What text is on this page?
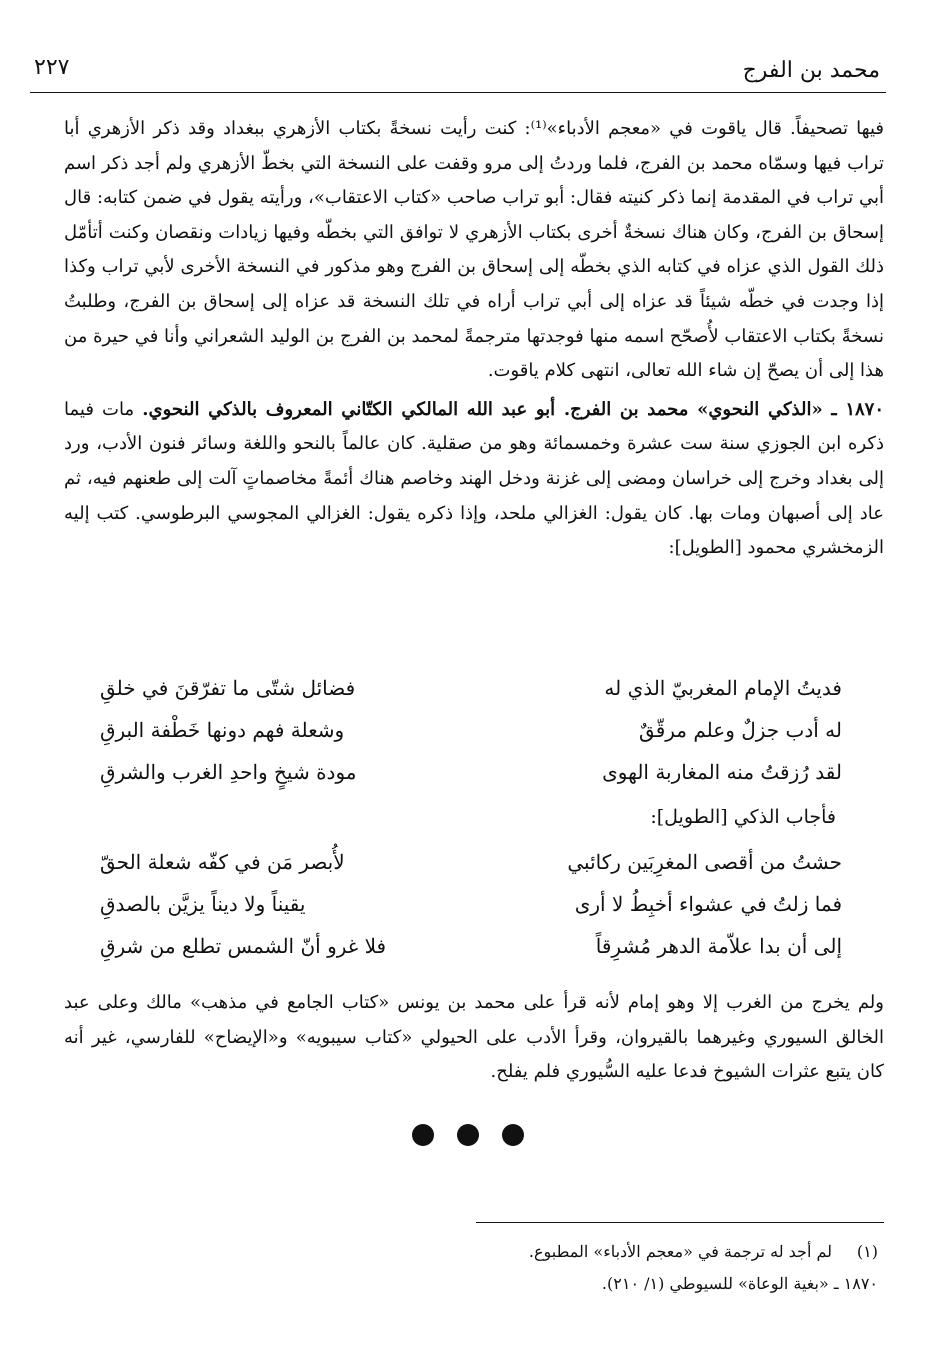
محمد بن الفرج
٢٢٧

فيها تصحيفاً. قال ياقوت في «معجم الأدباء»⁽¹⁾: كنت رأيت نسخةً بكتاب الأزهري ببغداد وقد ذكر الأزهري أبا تراب فيها وسمّاه محمد بن الفرج، فلما وردتُ إلى مرو وقفت على النسخة التي بخطّ الأزهري ولم أجد ذكر اسم أبي تراب في المقدمة إنما ذكر كنيته فقال: أبو تراب صاحب «كتاب الاعتقاب»، ورأيته يقول في ضمن كتابه: قال إسحاق بن الفرج، وكان هناك نسخةٌ أخرى بكتاب الأزهري لا توافق التي بخطّه وفيها زيادات ونقصان وكنت أتأمّل ذلك القول الذي عزاه في كتابه الذي بخطّه إلى إسحاق بن الفرج وهو مذكور في النسخة الأخرى لأبي تراب وكذا إذا وجدت في خطّه شيئاً قد عزاه إلى أبي تراب أراه في تلك النسخة قد عزاه إلى إسحاق بن الفرج، وطلبتُ نسخةً بكتاب الاعتقاب لأُصحّح اسمه منها فوجدتها مترجمةً لمحمد بن الفرج بن الوليد الشعراني وأنا في حيرة من هذا إلى أن يصحّ إن شاء الله تعالى، انتهى كلام ياقوت.

١٨٧٠ ـ «الذكي النحوي» محمد بن الفرج. أبو عبد الله المالكي الكتّاني المعروف بالذكي النحوي. مات فيما ذكره ابن الجوزي سنة ست عشرة وخمسمائة وهو من صقلية. كان عالماً بالنحو واللغة وسائر فنون الأدب، ورد إلى بغداد وخرج إلى خراسان ومضى إلى غزنة ودخل الهند وخاصم هناك أئمةً مخاصماتٍ آلت إلى طعنهم فيه، ثم عاد إلى أصبهان ومات بها. كان يقول: الغزالي ملحد، وإذا ذكره يقول: الغزالي المجوسي البرطوسي. كتب إليه الزمخشري محمود [الطويل]:

فديتُ الإمام المغربيّ الذي له
فضائل شتّى ما تفرّقنَ في خلقِ
له أدب جزلٌ وعلم مرقّقٌ
وشعلة فهم دونها خَطْفة البرقِ
لقد رُزقتُ منه المغاربة الهوى
مودة شيخٍ واحدِ الغرب والشرقِ
فأجاب الذكي [الطويل]:
حشتُ من أقصى المغرِبَين ركائبي
لأُبصر مَن في كفّه شعلة الحقّ
فما زلتُ في عشواء أخبِطُ لا أرى
يقيناً ولا ديناً يزيَّن بالصدقِ
إلى أن بدا علاّمة الدهر مُشرِقاً
فلا غرو أنّ الشمس تطلع من شرقِ

ولم يخرج من الغرب إلا وهو إمام لأنه قرأ على محمد بن يونس «كتاب الجامع في مذهب» مالك وعلى عبد الخالق السيوري وغيرهما بالقيروان، وقرأ الأدب على الحيولي «كتاب سيبويه» و«الإيضاح» للفارسي، غير أنه كان يتبع عثرات الشيوخ فدعا عليه السُّيوري فلم يفلح.

(١)لم أجد له ترجمة في «معجم الأدباء» المطبوع.
١٨٧٠ ـ «بغية الوعاة» للسيوطي (١/ ٢١٠).
